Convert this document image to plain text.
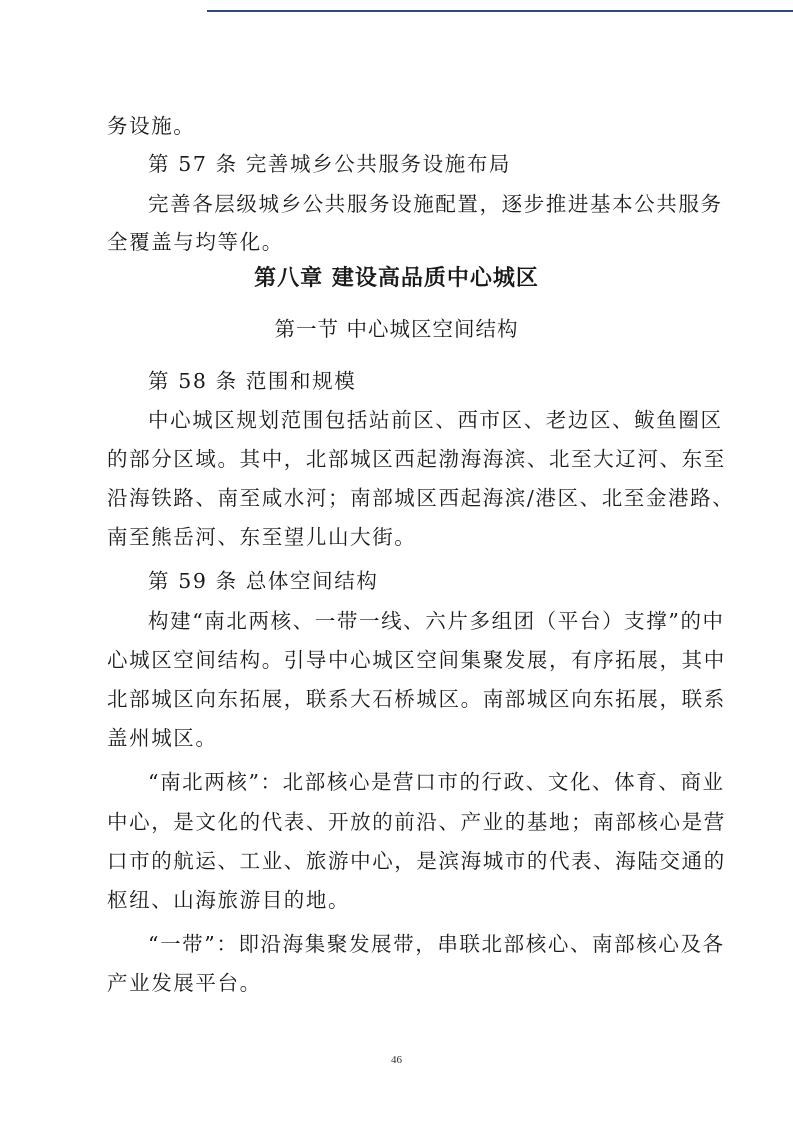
务设施。
第 57 条 完善城乡公共服务设施布局
完善各层级城乡公共服务设施配置，逐步推进基本公共服务
全覆盖与均等化。
第八章 建设高品质中心城区
第一节 中心城区空间结构
第 58 条 范围和规模
中心城区规划范围包括站前区、西市区、老边区、鲅鱼圈区
的部分区域。其中，北部城区西起渤海海滨、北至大辽河、东至
沿海铁路、南至咸水河；南部城区西起海滨/港区、北至金港路、
南至熊岳河、东至望儿山大街。
第 59 条 总体空间结构
构建“南北两核、一带一线、六片多组团（平台）支撑”的中
心城区空间结构。引导中心城区空间集聚发展，有序拓展，其中
北部城区向东拓展，联系大石桥城区。南部城区向东拓展，联系
盖州城区。
“南北两核”：北部核心是营口市的行政、文化、体育、商业
中心，是文化的代表、开放的前沿、产业的基地；南部核心是营
口市的航运、工业、旅游中心，是滨海城市的代表、海陆交通的
枢纽、山海旅游目的地。
“一带”：即沿海集聚发展带，串联北部核心、南部核心及各
产业发展平台。
46
